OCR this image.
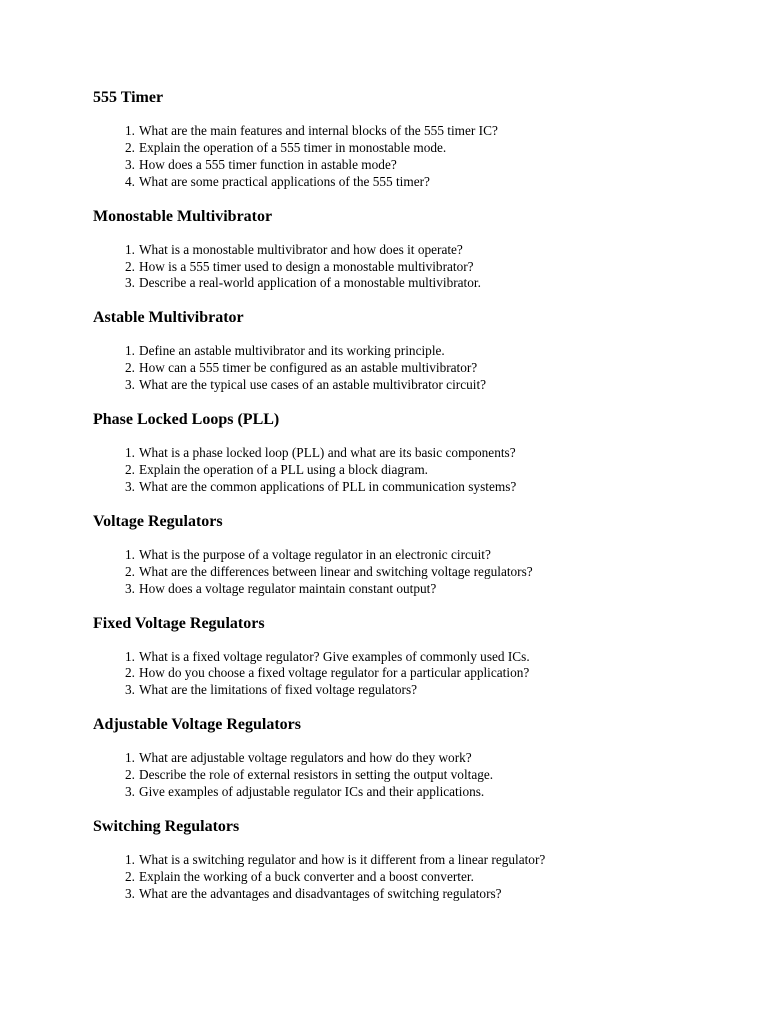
555 Timer
1. What are the main features and internal blocks of the 555 timer IC?
2. Explain the operation of a 555 timer in monostable mode.
3. How does a 555 timer function in astable mode?
4. What are some practical applications of the 555 timer?
Monostable Multivibrator
1. What is a monostable multivibrator and how does it operate?
2. How is a 555 timer used to design a monostable multivibrator?
3. Describe a real-world application of a monostable multivibrator.
Astable Multivibrator
1. Define an astable multivibrator and its working principle.
2. How can a 555 timer be configured as an astable multivibrator?
3. What are the typical use cases of an astable multivibrator circuit?
Phase Locked Loops (PLL)
1. What is a phase locked loop (PLL) and what are its basic components?
2. Explain the operation of a PLL using a block diagram.
3. What are the common applications of PLL in communication systems?
Voltage Regulators
1. What is the purpose of a voltage regulator in an electronic circuit?
2. What are the differences between linear and switching voltage regulators?
3. How does a voltage regulator maintain constant output?
Fixed Voltage Regulators
1. What is a fixed voltage regulator? Give examples of commonly used ICs.
2. How do you choose a fixed voltage regulator for a particular application?
3. What are the limitations of fixed voltage regulators?
Adjustable Voltage Regulators
1. What are adjustable voltage regulators and how do they work?
2. Describe the role of external resistors in setting the output voltage.
3. Give examples of adjustable regulator ICs and their applications.
Switching Regulators
1. What is a switching regulator and how is it different from a linear regulator?
2. Explain the working of a buck converter and a boost converter.
3. What are the advantages and disadvantages of switching regulators?
